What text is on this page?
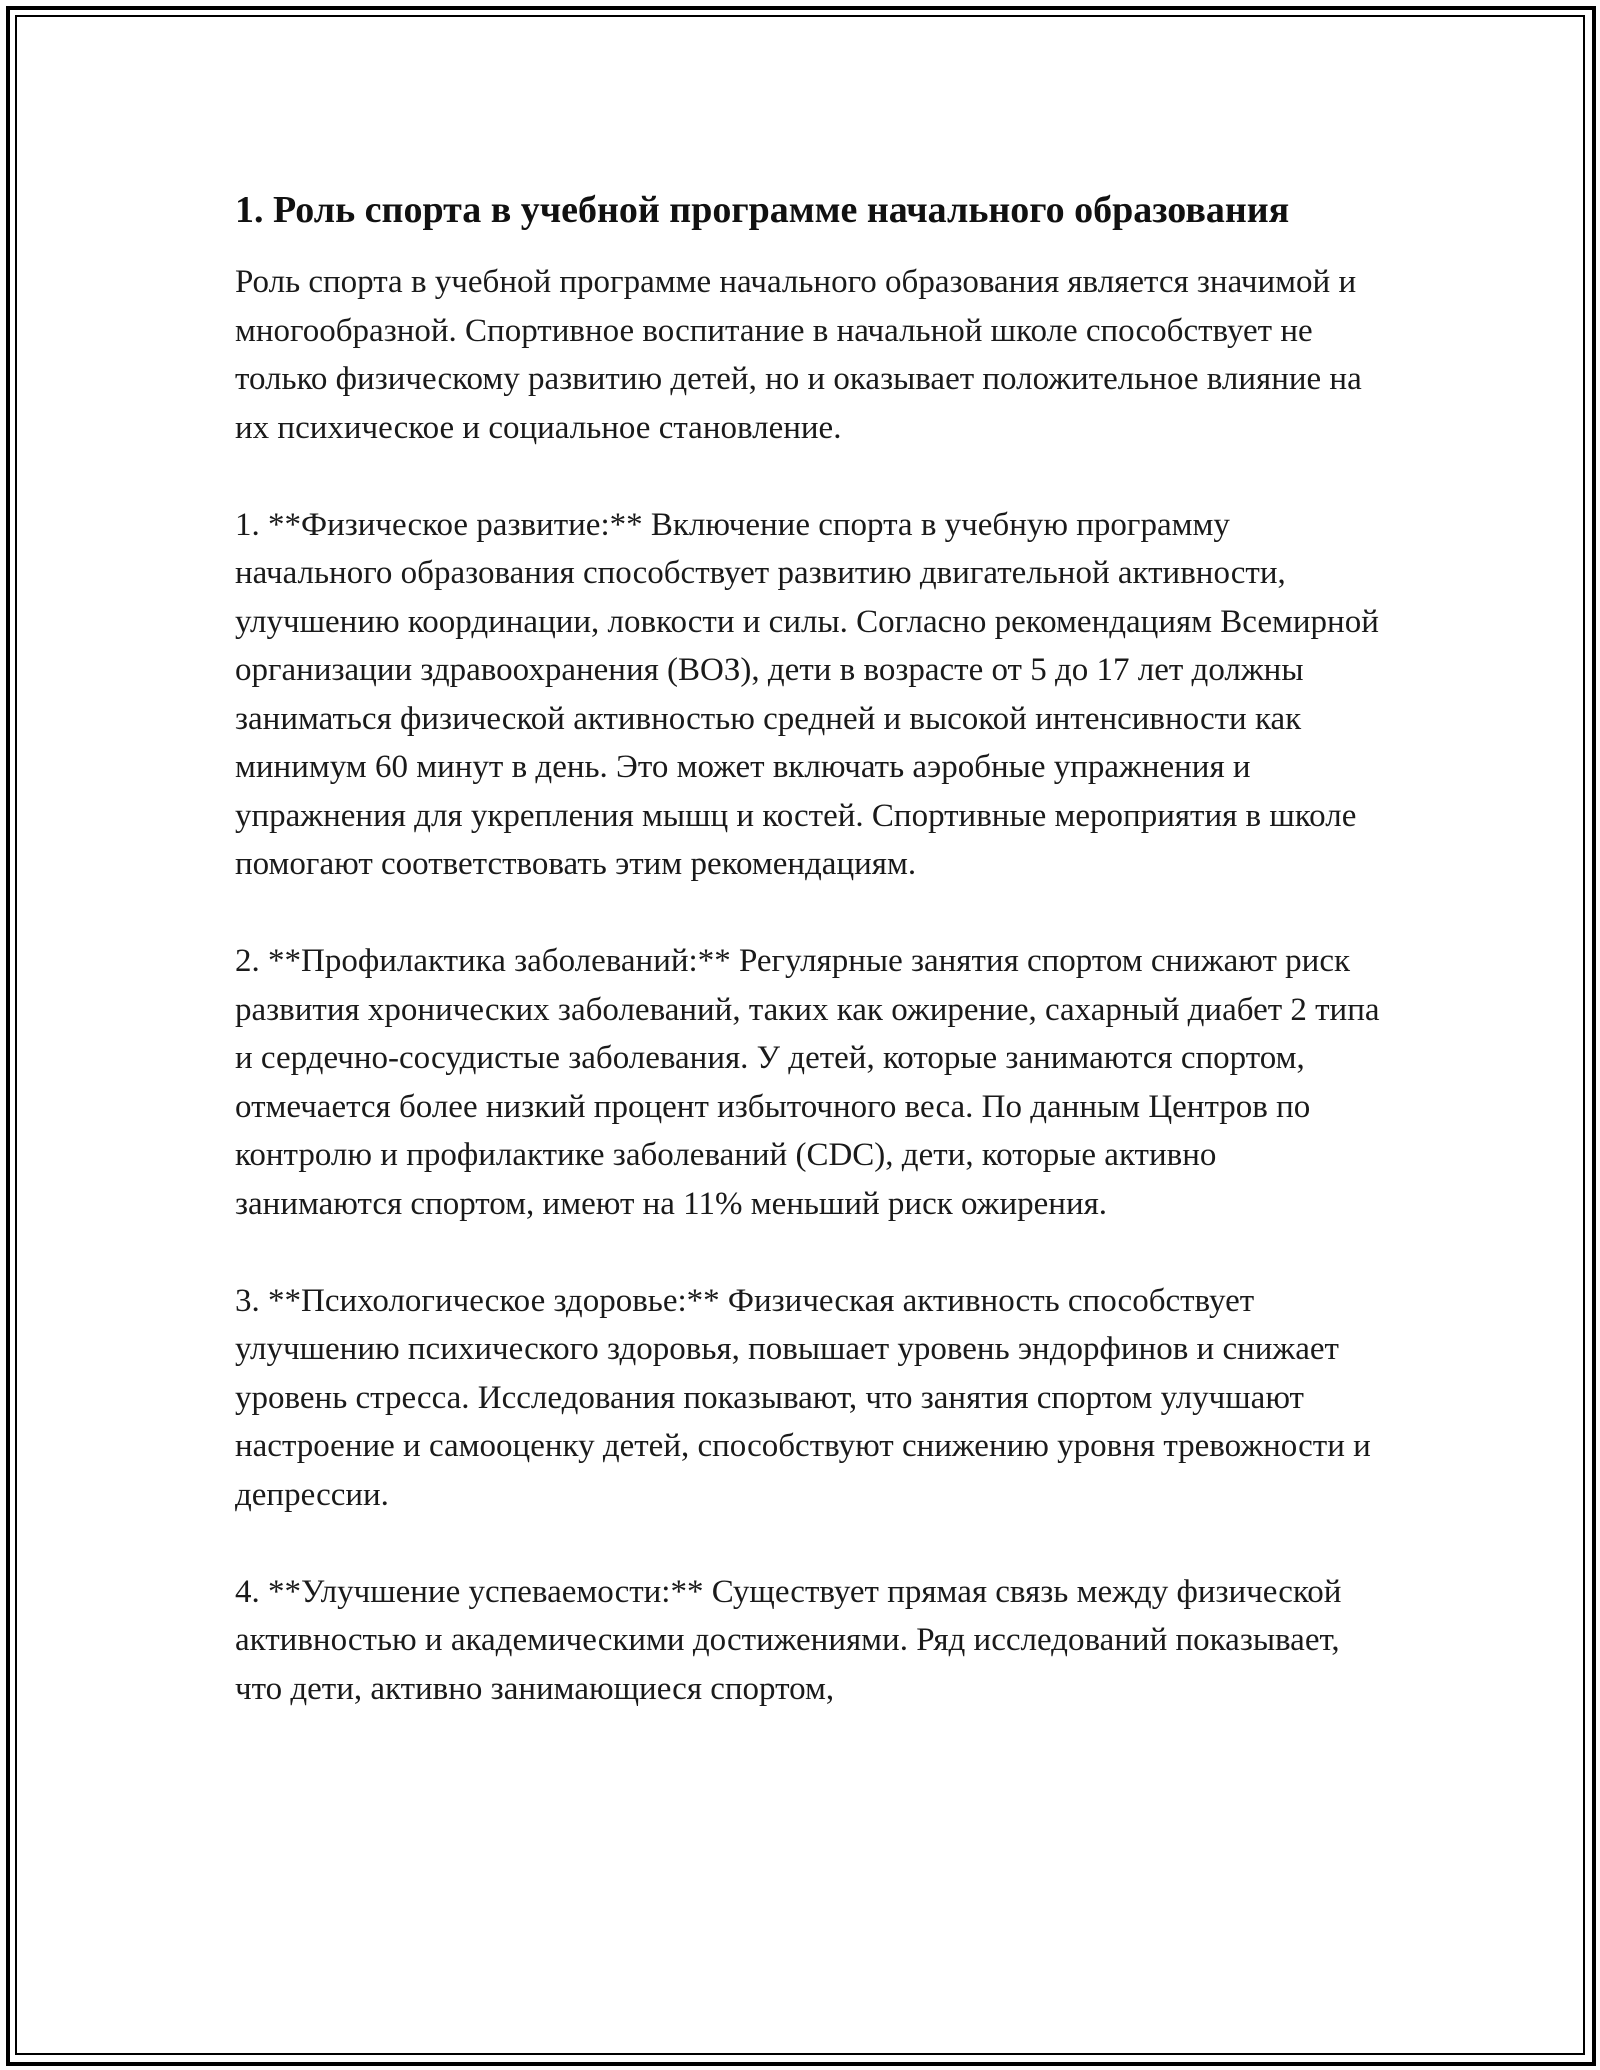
1. Роль спорта в учебной программе начального образования

Роль спорта в учебной программе начального образования является значимой и многообразной. Спортивное воспитание в начальной школе способствует не только физическому развитию детей, но и оказывает положительное влияние на их психическое и социальное становление.

1. **Физическое развитие:** Включение спорта в учебную программу начального образования способствует развитию двигательной активности, улучшению координации, ловкости и силы. Согласно рекомендациям Всемирной организации здравоохранения (ВОЗ), дети в возрасте от 5 до 17 лет должны заниматься физической активностью средней и высокой интенсивности как минимум 60 минут в день. Это может включать аэробные упражнения и упражнения для укрепления мышц и костей. Спортивные мероприятия в школе помогают соответствовать этим рекомендациям.

2. **Профилактика заболеваний:** Регулярные занятия спортом снижают риск развития хронических заболеваний, таких как ожирение, сахарный диабет 2 типа и сердечно-сосудистые заболевания. У детей, которые занимаются спортом, отмечается более низкий процент избыточного веса. По данным Центров по контролю и профилактике заболеваний (CDC), дети, которые активно занимаются спортом, имеют на 11% меньший риск ожирения.

3. **Психологическое здоровье:** Физическая активность способствует улучшению психического здоровья, повышает уровень эндорфинов и снижает уровень стресса. Исследования показывают, что занятия спортом улучшают настроение и самооценку детей, способствуют снижению уровня тревожности и депрессии.

4. **Улучшение успеваемости:** Существует прямая связь между физической активностью и академическими достижениями. Ряд исследований показывает, что дети, активно занимающиеся спортом,
